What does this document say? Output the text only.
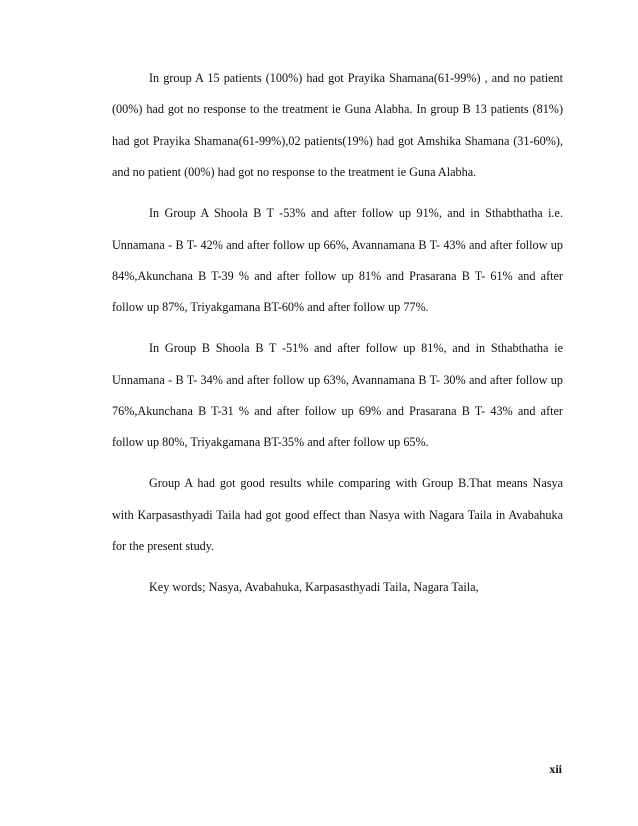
In group A 15 patients (100%) had got Prayika Shamana(61-99%) , and no patient (00%) had got no response to the treatment ie Guna Alabha. In group B 13 patients (81%) had got Prayika Shamana(61-99%),02 patients(19%) had got Amshika Shamana (31-60%), and no patient (00%) had got no response to the treatment ie Guna Alabha.

In Group A Shoola B T -53% and after follow up 91%, and in Sthabthatha i.e. Unnamana - B T- 42% and after follow up 66%, Avannamana B T- 43% and after follow up 84%,Akunchana B T-39 % and after follow up 81% and Prasarana B T- 61% and after follow up 87%, Triyakgamana BT-60% and after follow up 77%.

In Group B Shoola B T -51% and after follow up 81%, and in Sthabthatha ie Unnamana - B T- 34% and after follow up 63%, Avannamana B T- 30% and after follow up 76%,Akunchana B T-31 % and after follow up 69% and Prasarana B T- 43% and after follow up 80%, Triyakgamana BT-35% and after follow up 65%.

Group A had got good results while comparing with Group B.That means Nasya with Karpasasthyadi Taila had got good effect than Nasya with Nagara Taila in Avabahuka for the present study.

Key words; Nasya, Avabahuka, Karpasasthyadi Taila, Nagara Taila,

xii
